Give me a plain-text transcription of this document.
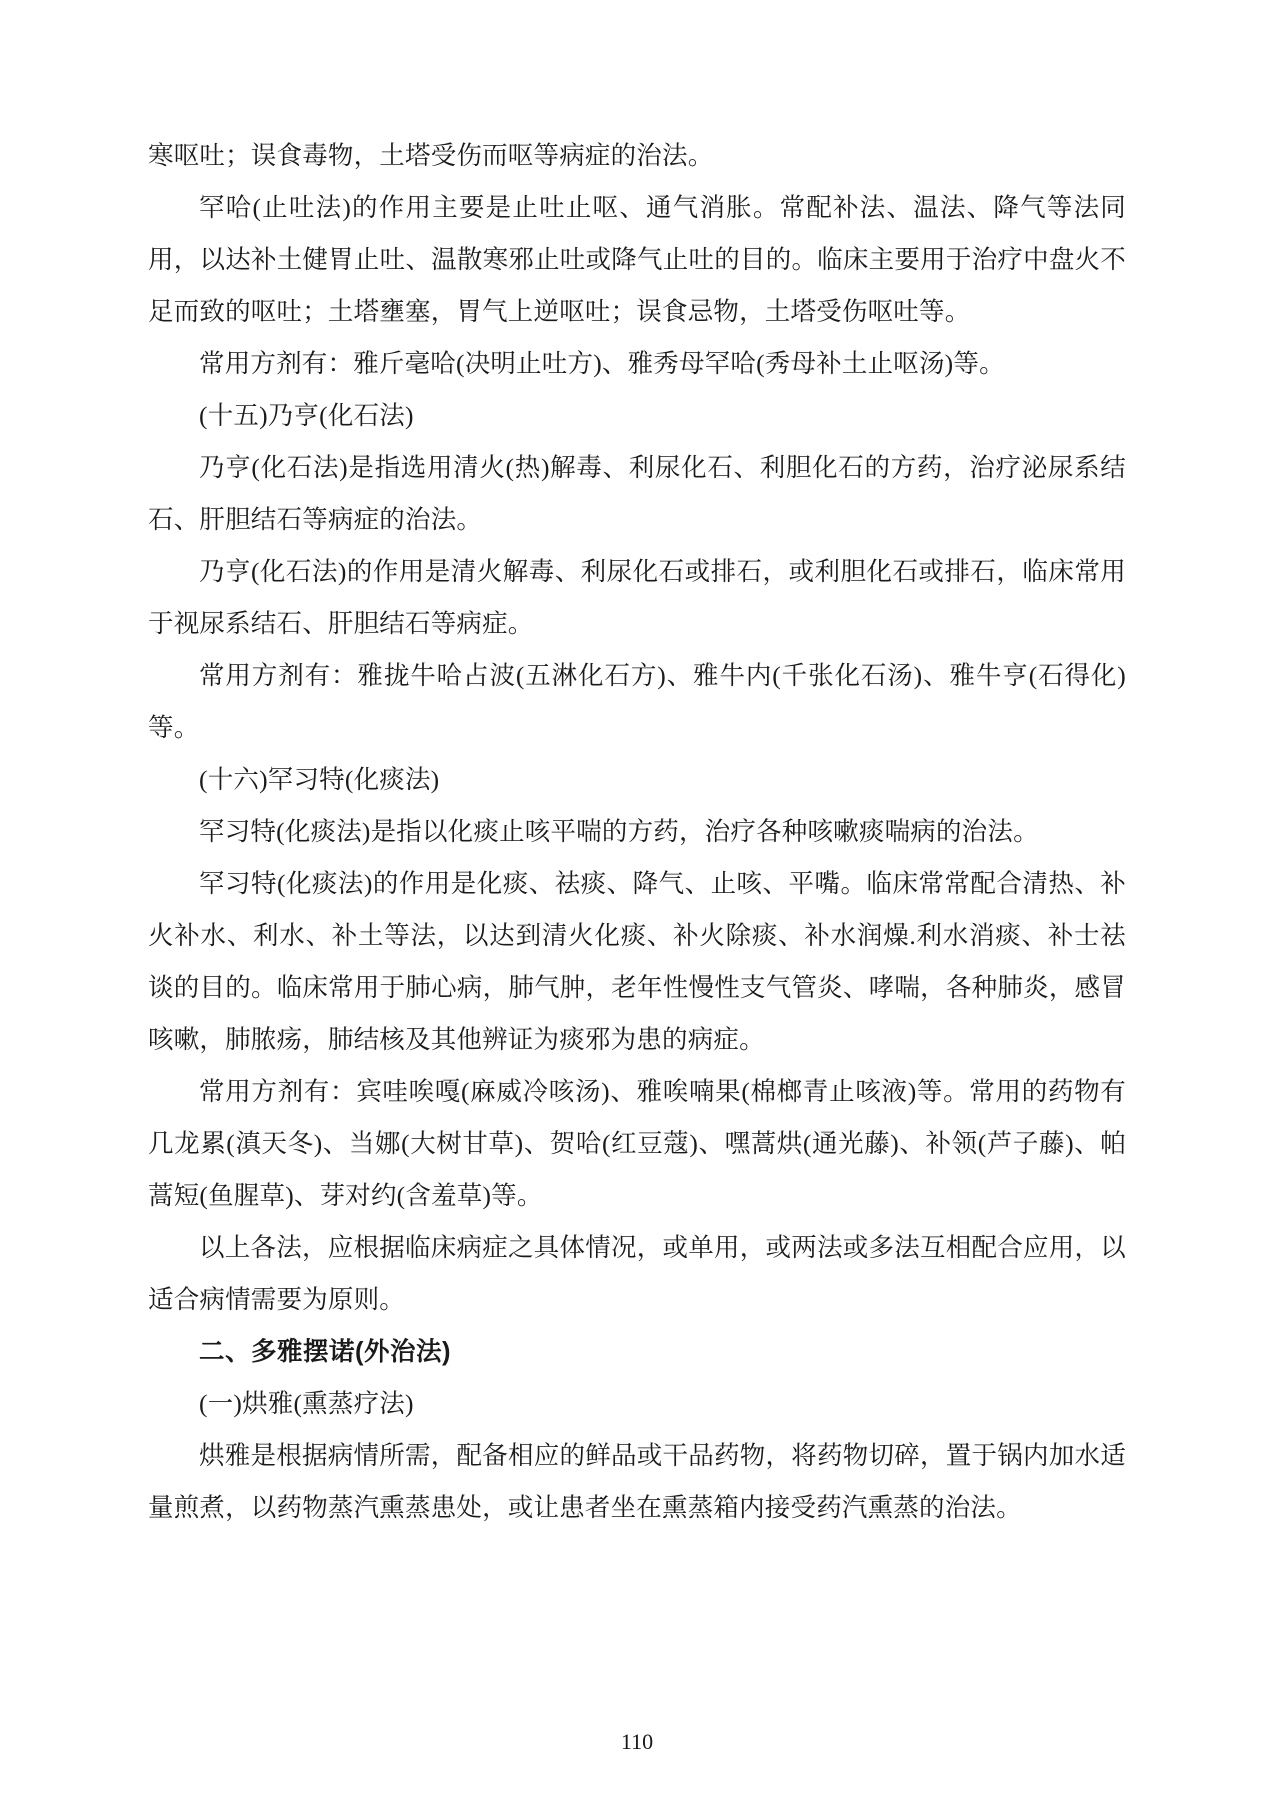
寒呕吐；误食毒物，土塔受伤而呕等病症的治法。

罕哈(止吐法)的作用主要是止吐止呕、通气消胀。常配补法、温法、降气等法同用，以达补土健胃止吐、温散寒邪止吐或降气止吐的目的。临床主要用于治疗中盘火不足而致的呕吐；土塔壅塞，胃气上逆呕吐；误食忌物，土塔受伤呕吐等。

常用方剂有：雅斤毫哈(决明止吐方)、雅秀母罕哈(秀母补土止呕汤)等。

(十五)乃亨(化石法)

乃亨(化石法)是指选用清火(热)解毒、利尿化石、利胆化石的方药，治疗泌尿系结石、肝胆结石等病症的治法。

乃亨(化石法)的作用是清火解毒、利尿化石或排石，或利胆化石或排石，临床常用于视尿系结石、肝胆结石等病症。

常用方剂有：雅拢牛哈占波(五淋化石方)、雅牛内(千张化石汤)、雅牛亨(石得化)等。

(十六)罕习特(化痰法)

罕习特(化痰法)是指以化痰止咳平喘的方药，治疗各种咳嗽痰喘病的治法。

罕习特(化痰法)的作用是化痰、祛痰、降气、止咳、平嘴。临床常常配合清热、补火补水、利水、补土等法，以达到清火化痰、补火除痰、补水润燥.利水消痰、补士祛谈的目的。临床常用于肺心病，肺气肿，老年性慢性支气管炎、哮喘，各种肺炎，感冒咳嗽，肺脓疡，肺结核及其他辨证为痰邪为患的病症。

常用方剂有：宾哇唉嘎(麻威冷咳汤)、雅唉喃果(棉榔青止咳液)等。常用的药物有几龙累(滇天冬)、当娜(大树甘草)、贺哈(红豆蔻)、嘿蒿烘(通光藤)、补领(芦子藤)、帕蒿短(鱼腥草)、芽对约(含羞草)等。

以上各法，应根据临床病症之具体情况，或单用，或两法或多法互相配合应用，以适合病情需要为原则。

二、多雅摆诺(外治法)

(一)烘雅(熏蒸疗法)

烘雅是根据病情所需，配备相应的鲜品或干品药物，将药物切碎，置于锅内加水适量煎煮，以药物蒸汽熏蒸患处，或让患者坐在熏蒸箱内接受药汽熏蒸的治法。

110
